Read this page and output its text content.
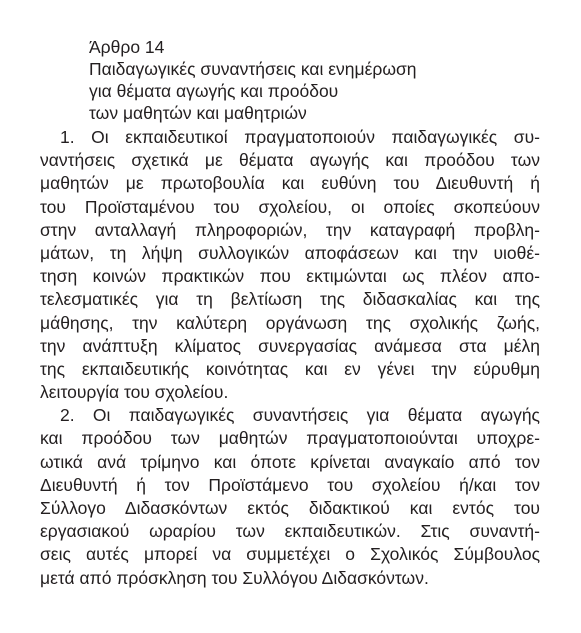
Άρθρο 14
Παιδαγωγικές συναντήσεις και ενημέρωση
για θέματα αγωγής και προόδου
των μαθητών και μαθητριών
1. Οι εκπαιδευτικοί πραγματοποιούν παιδαγωγικές συ-
ναντήσεις σχετικά με θέματα αγωγής και προόδου των
μαθητών με πρωτοβουλία και ευθύνη του Διευθυντή ή
του Προϊσταμένου του σχολείου, οι οποίες σκοπεύουν
στην ανταλλαγή πληροφοριών, την καταγραφή προβλη-
μάτων, τη λήψη συλλογικών αποφάσεων και την υιοθέ-
τηση κοινών πρακτικών που εκτιμώνται ως πλέον απο-
τελεσματικές για τη βελτίωση της διδασκαλίας και της
μάθησης, την καλύτερη οργάνωση της σχολικής ζωής,
την ανάπτυξη κλίματος συνεργασίας ανάμεσα στα μέλη
της εκπαιδευτικής κοινότητας και εν γένει την εύρυθμη
λειτουργία του σχολείου.
2. Οι παιδαγωγικές συναντήσεις για θέματα αγωγής
και προόδου των μαθητών πραγματοποιούνται υποχρε-
ωτικά ανά τρίμηνο και όποτε κρίνεται αναγκαίο από τον
Διευθυντή ή τον Προϊστάμενο του σχολείου ή/και τον
Σύλλογο Διδασκόντων εκτός διδακτικού και εντός του
εργασιακού ωραρίου των εκπαιδευτικών. Στις συναντή-
σεις αυτές μπορεί να συμμετέχει ο Σχολικός Σύμβουλος
μετά από πρόσκληση του Συλλόγου Διδασκόντων.
